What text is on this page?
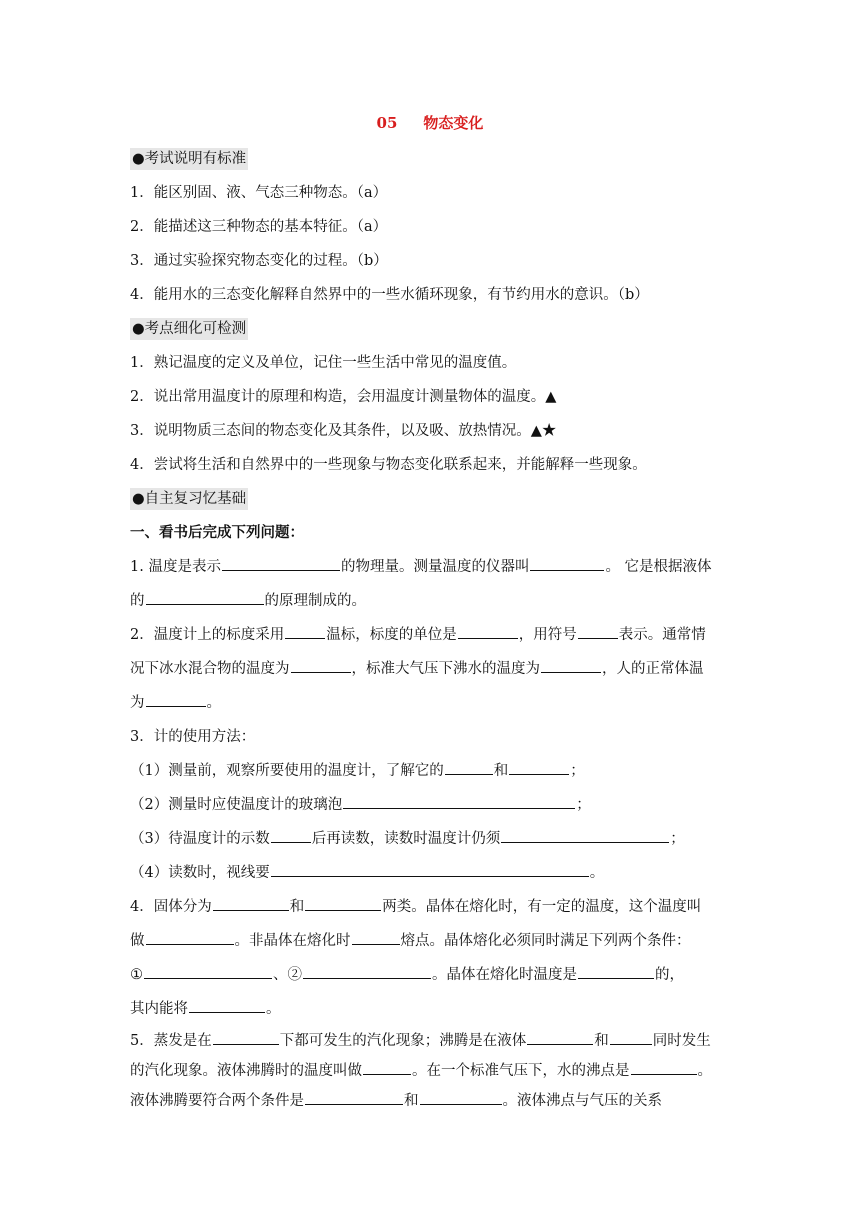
05 物态变化
●考试说明有标准
1．能区别固、液、气态三种物态。（a）
2．能描述这三种物态的基本特征。（a）
3．通过实验探究物态变化的过程。（b）
4．能用水的三态变化解释自然界中的一些水循环现象，有节约用水的意识。（b）
●考点细化可检测
1．熟记温度的定义及单位，记住一些生活中常见的温度值。
2．说出常用温度计的原理和构造，会用温度计测量物体的温度。▲
3．说明物质三态间的物态变化及其条件，以及吸、放热情况。▲★
4．尝试将生活和自然界中的一些现象与物态变化联系起来，并能解释一些现象。
●自主复习忆基础
一、看书后完成下列问题：
1. 温度是表示	的物理量。测量温度的仪器叫	。 它是根据液体
的	的原理制成的。
2．温度计上的标度采用	温标，标度的单位是	，用符号	表示。通常情
况下冰水混合物的温度为	，标准大气压下沸水的温度为	，人的正常体温
为	。
3．计的使用方法：
（1）测量前，观察所要使用的温度计，了解它的	和	；
（2）测量时应使温度计的玻璃泡	；
（3）待温度计的示数	后再读数，读数时温度计仍须	；
（4）读数时，视线要	。
4．固体分为	和	两类。晶体在熔化时，有一定的温度，这个温度叫
做	。非晶体在熔化时	熔点。晶体熔化必须同时满足下列两个条件：
①	、②	。晶体在熔化时温度是	的，
其内能将	。
5．蒸发是在	下都可发生的汽化现象；沸腾是在液体	和	同时发生
的汽化现象。液体沸腾时的温度叫做	。在一个标准气压下，水的沸点是	。
液体沸腾要符合两个条件是	和	。液体沸点与气压的关系
